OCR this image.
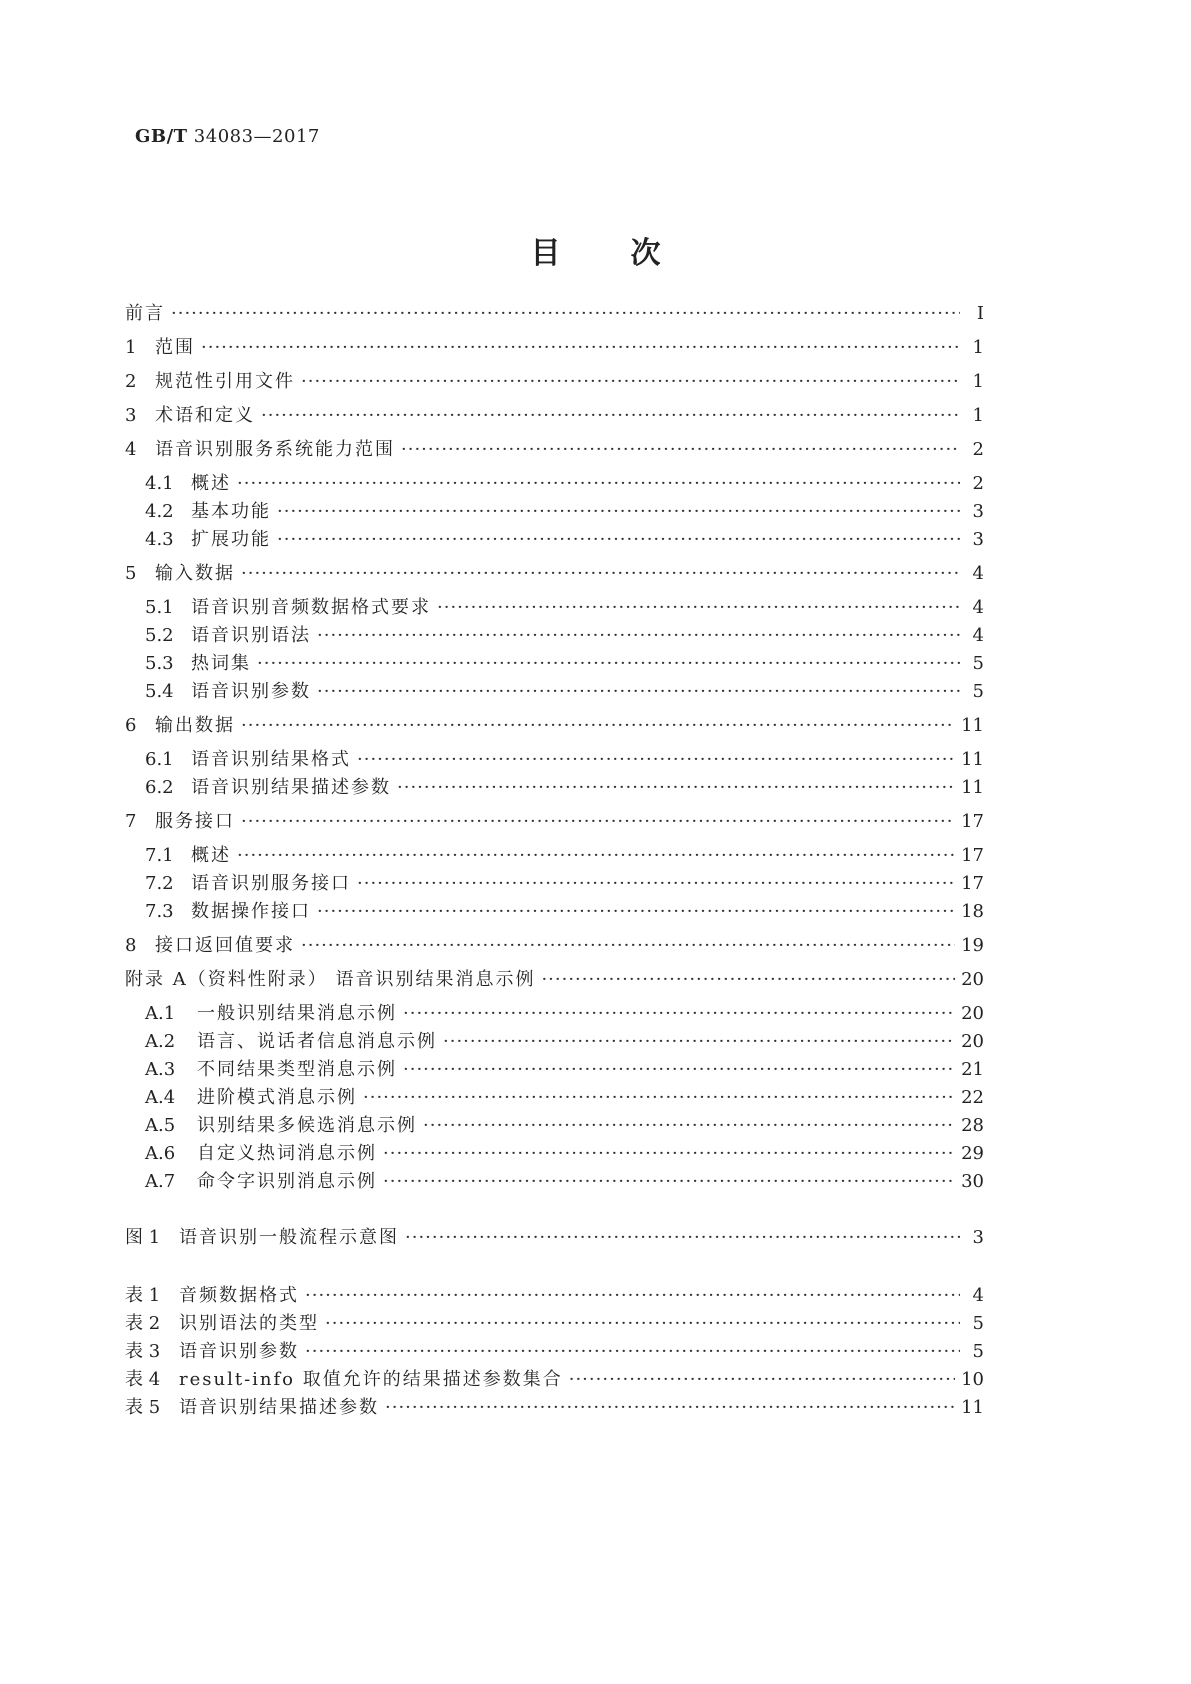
GB/T 34083—2017
目次
前言 ·····	Ⅰ
1	范围 ·····	1
2	规范性引用文件 ·····	1
3	术语和定义 ·····	1
4	语音识别服务系统能力范围 ·····	2
4.1 概述 ·····	2
4.2 基本功能 ·····	3
4.3 扩展功能 ·····	3
5	输入数据 ·····	4
5.1 语音识别音频数据格式要求 ·····	4
5.2 语音识别语法 ·····	4
5.3 热词集 ·····	5
5.4 语音识别参数 ·····	5
6	输出数据 ·····	11
6.1 语音识别结果格式 ·····	11
6.2 语音识别结果描述参数 ·····	11
7	服务接口 ·····	17
7.1 概述 ·····	17
7.2 语音识别服务接口 ·····	17
7.3 数据操作接口 ·····	18
8	接口返回值要求 ·····	19
附录 A（资料性附录） 语音识别结果消息示例 ·····	20
A.1	一般识别结果消息示例 ·····	20
A.2	语言、说话者信息消息示例 ·····	20
A.3	不同结果类型消息示例 ·····	21
A.4	进阶模式消息示例 ·····	22
A.5	识别结果多候选消息示例 ·····	28
A.6	自定义热词消息示例 ·····	29
A.7	命令字识别消息示例 ·····	30
图 1	语音识别一般流程示意图 ·····	3
表 1	音频数据格式 ·····	4
表 2	识别语法的类型 ·····	5
表 3	语音识别参数 ·····	5
表 4	result-info 取值允许的结果描述参数集合 ·····	10
表 5	语音识别结果描述参数 ·····	11
